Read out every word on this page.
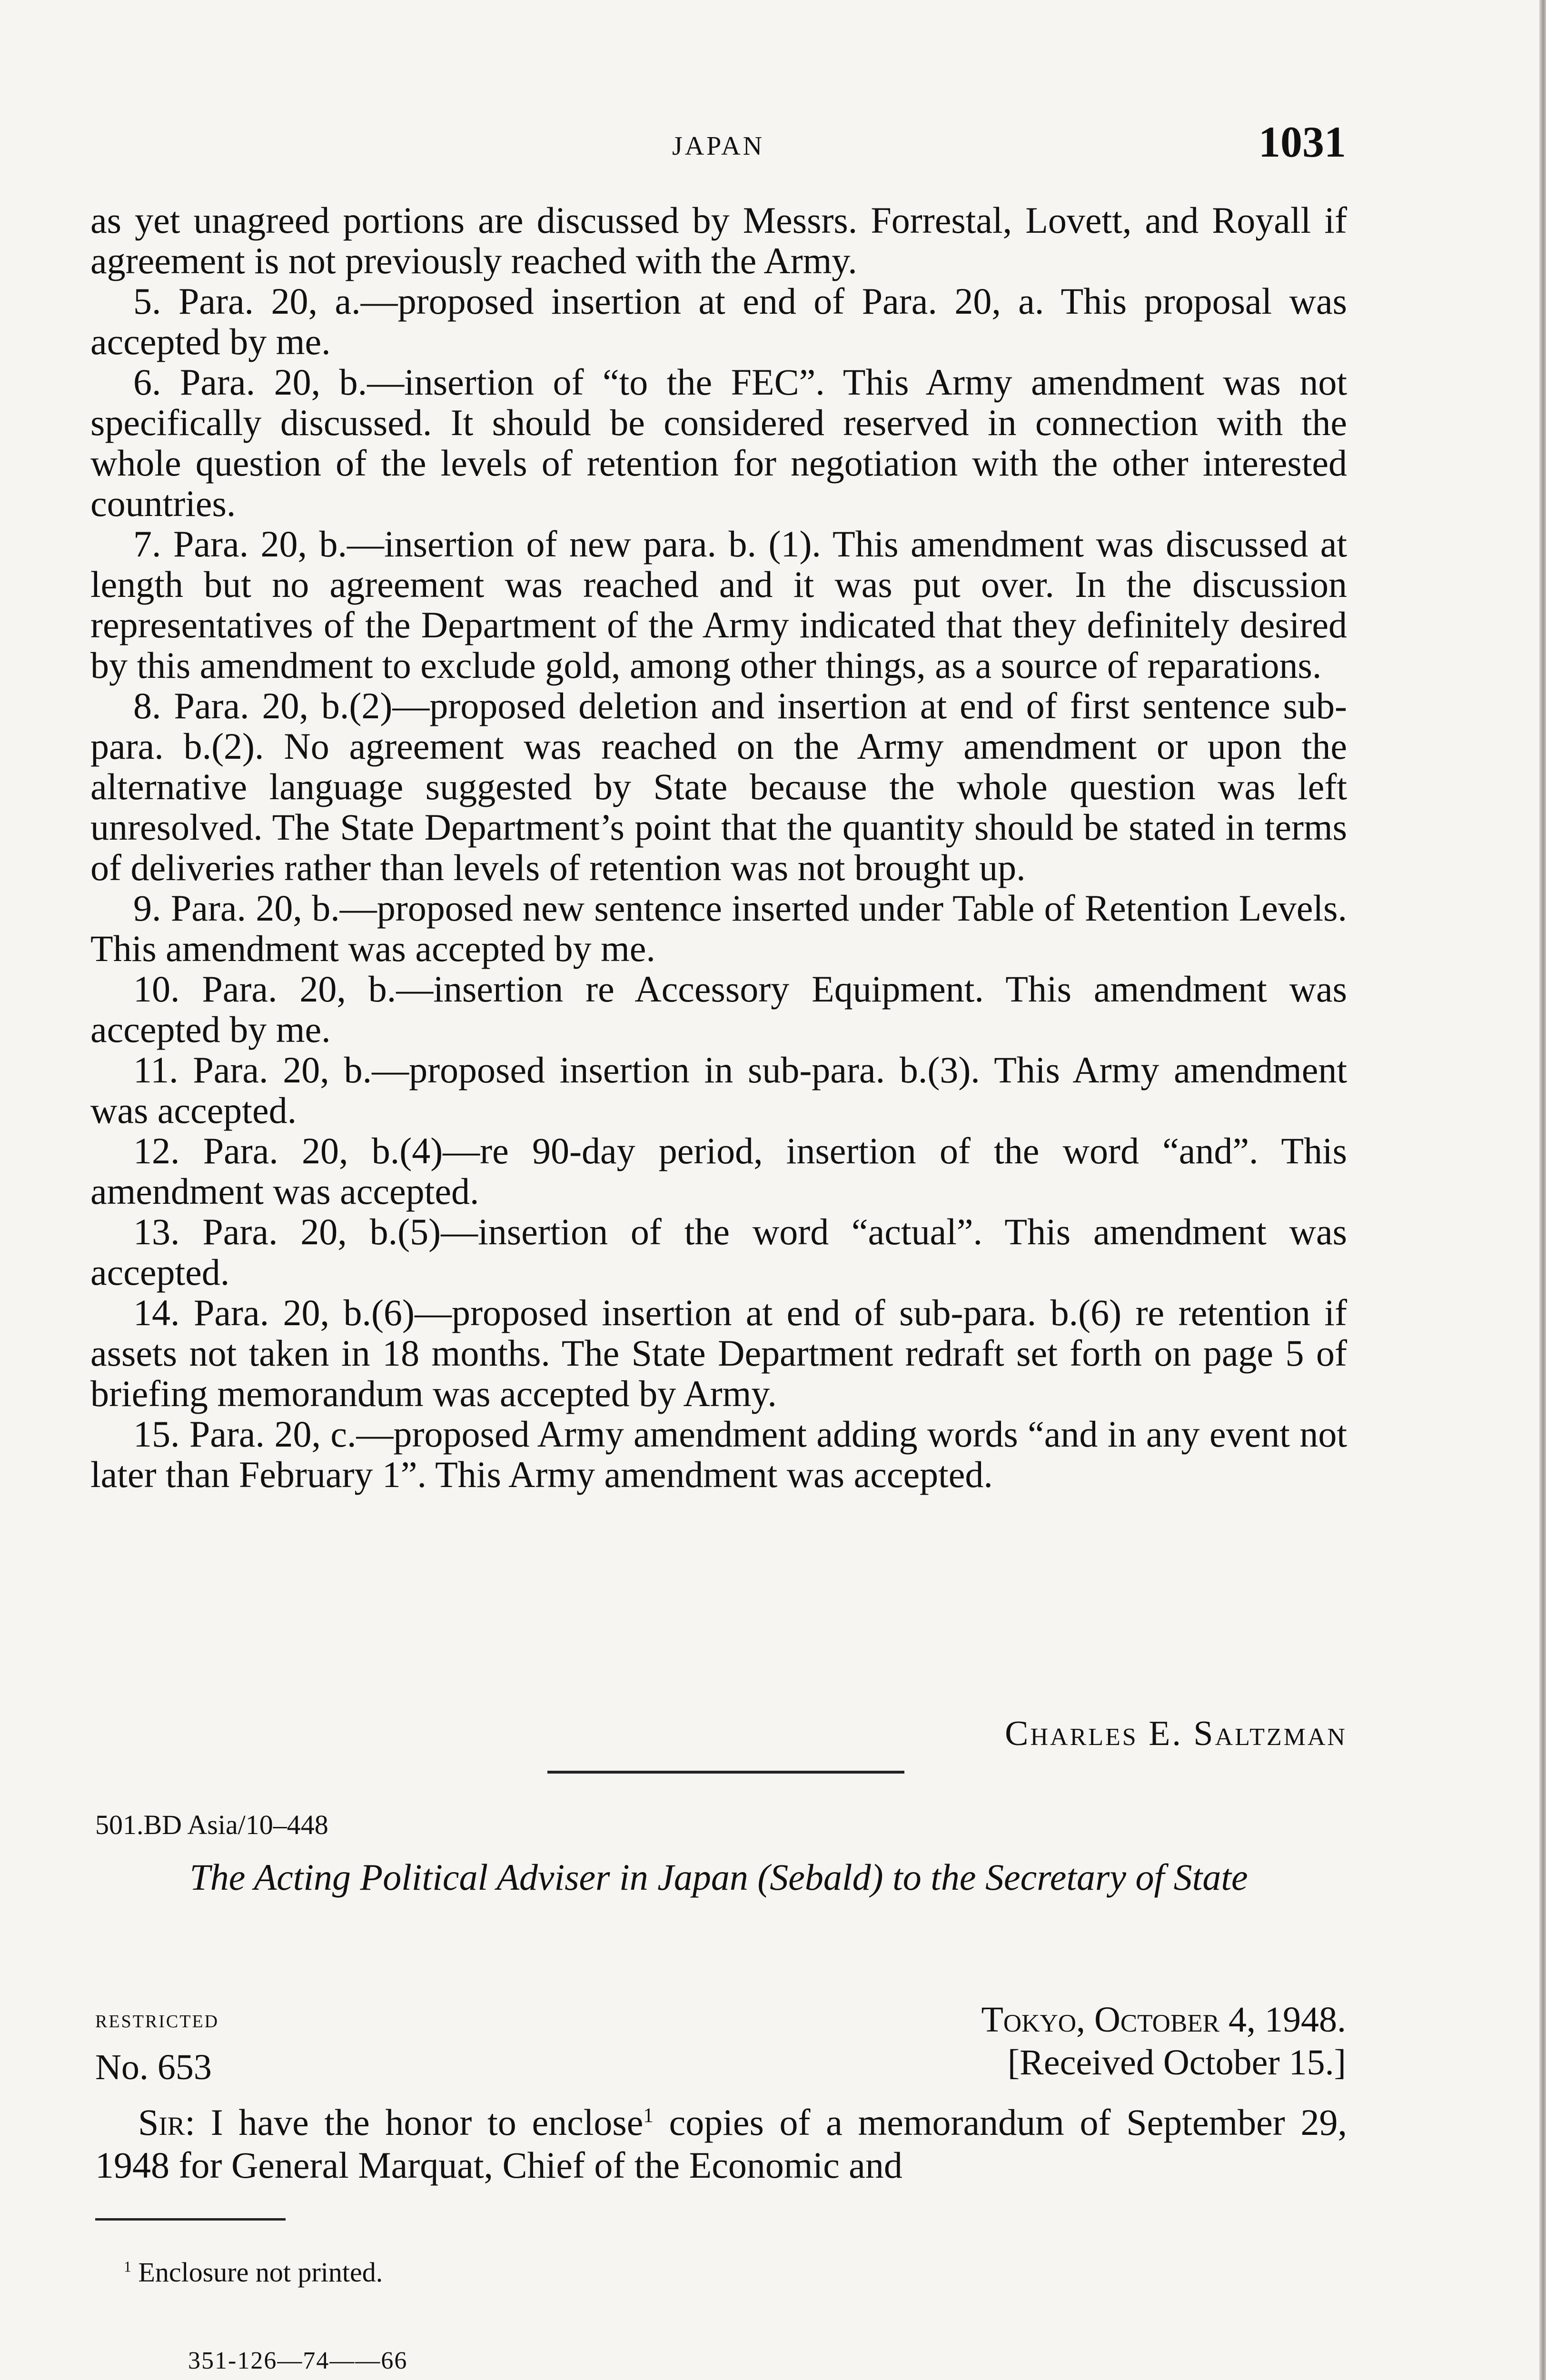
JAPAN	1031

as yet unagreed portions are discussed by Messrs. Forrestal, Lovett, and Royall if agreement is not previously reached with the Army.

5. Para. 20, a.—proposed insertion at end of Para. 20, a. This proposal was accepted by me.

6. Para. 20, b.—insertion of “to the FEC”. This Army amendment was not specifically discussed. It should be considered reserved in connection with the whole question of the levels of retention for negotiation with the other interested countries.

7. Para. 20, b.—insertion of new para. b. (1). This amendment was discussed at length but no agreement was reached and it was put over. In the discussion representatives of the Department of the Army indicated that they definitely desired by this amendment to exclude gold, among other things, as a source of reparations.

8. Para. 20, b.(2)—proposed deletion and insertion at end of first sentence sub-para. b.(2). No agreement was reached on the Army amendment or upon the alternative language suggested by State because the whole question was left unresolved. The State Department’s point that the quantity should be stated in terms of deliveries rather than levels of retention was not brought up.

9. Para. 20, b.—proposed new sentence inserted under Table of Retention Levels. This amendment was accepted by me.

10. Para. 20, b.—insertion re Accessory Equipment. This amendment was accepted by me.

11. Para. 20, b.—proposed insertion in sub-para. b.(3). This Army amendment was accepted.

12. Para. 20, b.(4)—re 90-day period, insertion of the word “and”. This amendment was accepted.

13. Para. 20, b.(5)—insertion of the word “actual”. This amendment was accepted.

14. Para. 20, b.(6)—proposed insertion at end of sub-para. b.(6) re retention if assets not taken in 18 months. The State Department redraft set forth on page 5 of briefing memorandum was accepted by Army.

15. Para. 20, c.—proposed Army amendment adding words “and in any event not later than February 1”. This Army amendment was accepted.

Charles E. Saltzman
501.BD Asia/10–448
The Acting Political Adviser in Japan (Sebald) to the Secretary of State
restricted
No. 653
Tokyo, October 4, 1948.
[Received October 15.]
Sir: I have the honor to enclose$^1$ copies of a memorandum of September 29, 1948 for General Marquat, Chief of the Economic and
$^1$ Enclosure not printed.
351-126—74——66
